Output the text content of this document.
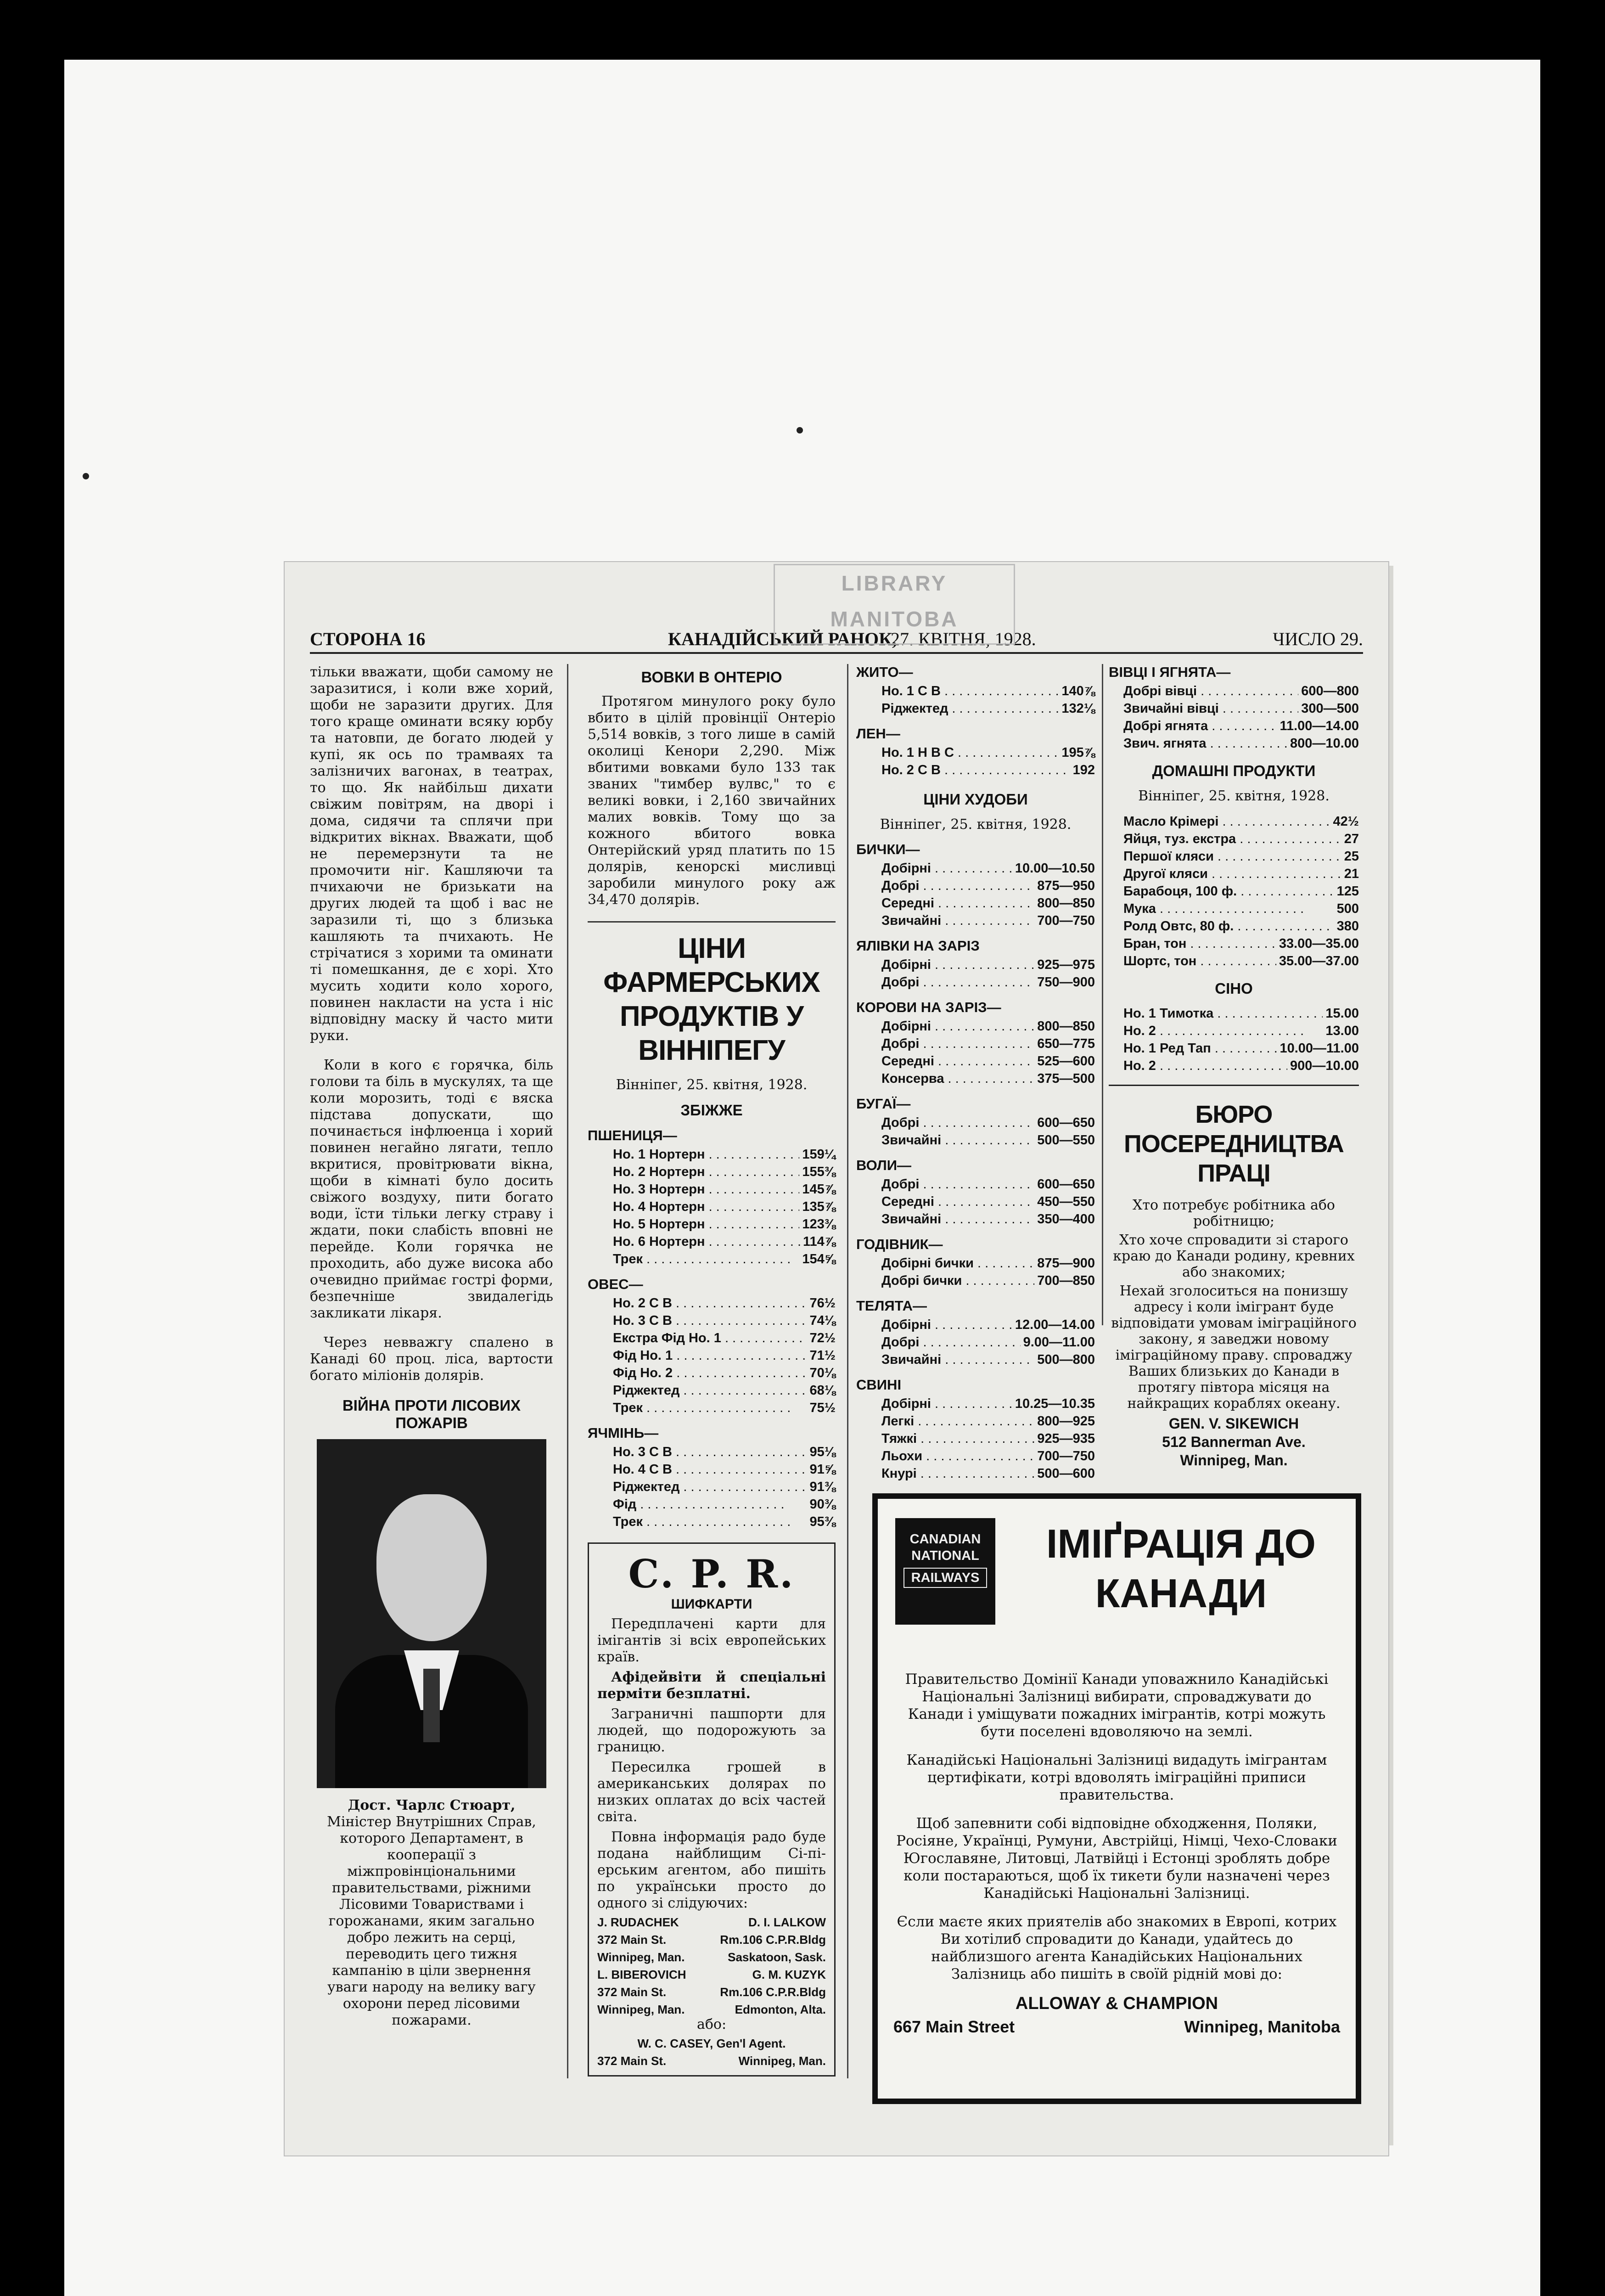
СТОРОНА 16	КАНАДІЙСЬКИЙ РАНОК,
27. КВІТНЯ, 1928.	ЧИСЛО 29.

тільки вважати, щоби самому не заразитися, і коли вже хорий, щоби не заразити других. Для того краще оминати всяку юрбу та натовпи, де богато людей у купі, як ось по трамваях та залізничих вагонах, в театрах, то що. Як найбільш дихати свіжим повітрям, на дворі і дома, сидячи та сплячи при відкритих вікнах. Вважати, щоб не перемерзнути та не промочити ніг. Кашляючи та пчихаючи не бризькати на других людей та щоб і вас не заразили ті, що з близька кашляють та пчихають. Не стрічатися з хорими та оминати ті помешкання, де є хорі. Хто мусить ходити коло хорого, повинен накласти на уста і ніс відповідну маску й часто мити руки.

Коли в кого є горячка, біль голови та біль в мускулях, та ще коли морозить, тоді є вяска підстава допускати, що починається інфлюенца і хорий повинен негайно лягати, тепло вкритися, провітрювати вікна, щоби в кімнаті було досить свіжого воздуху, пити богато води, їсти тільки легку страву і ждати, поки слабість вповні не перейде. Коли горячка не проходить, або дуже висока або очевидно приймає гострі форми, безпечніше звидалегідь закликати лікаря.

Через невважгу спалено в Канаді 60 проц. ліса, вартости богато міліонів долярів.

ВІЙНА ПРОТИ ЛІСОВИХ ПОЖАРІВ
Дост. Чарлс Стюарт,
Міністер Внутрішних Справ, которого Департамент, в кооперації з міжпровінціональними правительствами, ріжними Лісовими Товариствами і горожанами, яким загально добро лежить на серці, переводить цего тижня кампанію в ціли звернення уваги народу на велику вагу охорони перед лісовими пожарами.
ВОВКИ В ОНТЕРІО

Протягом минулого року було вбито в цілій провінції Онтеріо 5,514 вовків, з того лише в самій околиці Кенори 2,290. Між вбитими вовками було 133 так званих "тимбер вулвс," то є великі вовки, і 2,160 звичайних малих вовків. Тому що за кожного вбитого вовка Онтерійский уряд платить по 15 долярів, кенорскі мисливці заробили минулого року аж 34,470 долярів.

ЦІНИ ФАРМЕРСЬКИХ ПРОДУКТІВ У ВІННІПЕГУ
Вінніпег, 25. квітня, 1928.
ЗБІЖЖЕ
ПШЕНИЦЯ—
Но. 1 Нортерн . . .	159¼
Но. 2 Нортерн . . .	155⅜
Но. 3 Нортерн . . .	145⅞
Но. 4 Нортерн . . .	135⅞
Но. 5 Нортерн . . .	123⅜
Но. 6 Нортерн . . .	114⅞
Трек . . .	154⅝
ОВЕС—
Но. 2 С В . . .	76½
Но. 3 С В . . .	74⅛
Екстра Фід Но. 1 . . .	72½
Фід Но. 1 . . .	71½
Фід Но. 2 . . .	70⅛
Ріджектед . . .	68⅛
Трек . . .	75½
ЯЧМІНЬ—
Но. 3 С В . . .	95⅛
Но. 4 С В . . .	91⅝
Ріджектед . . .	91⅜
Фід . . .	90⅜
Трек . . .	95⅜
C. P. R.
ШИФКАРТИ

Передплачені карти для імігантів зі всіх европейських країв.

Афідейвіти й спеціальні перміти безплатні.

Заграничні пашпорти для людей, що подорожують за границю.

Пересилка грошей в американських долярах по низких оплатах до всіх частей світа.

Повна інформація радо буде подана найблищим Сі-пі-ерським агентом, або пишіть по українськи просто до одного зі слідуючих:

J. RUDACHEK	D. I. LALKOW
372 Main St.	Rm.106 C.P.R.Bldg
Winnipeg, Man.	Saskatoon, Sask.
L. BIBEROVICH	G. M. KUZYK
372 Main St.	Rm.106 C.P.R.Bldg
Winnipeg, Man.	Edmonton, Alta.
або:
W. C. CASEY, Gen'l Agent.
372 Main St.	Winnipeg, Man.
ЖИТО—
Но. 1 С В . . .	140⅞
Ріджектед . . .	132⅛
ЛЕН—
Но. 1 Н В С . . .	195⅞
Но. 2 С В . . .	192
ЦІНИ ХУДОБИ
Вінніпег, 25. квітня, 1928.
БИЧКИ—
Добірні . . .	10.00—10.50
Добрі . . .	875—950
Середні . . .	800—850
Звичайні . . .	700—750
ЯЛІВКИ НА ЗАРІЗ
Добірні . . .	925—975
Добрі . . .	750—900
КОРОВИ НА ЗАРІЗ—
Добірні . . .	800—850
Добрі . . .	650—775
Середні . . .	525—600
Консерва . . .	375—500
БУГАЇ—
Добрі . . .	600—650
Звичайні . . .	500—550
ВОЛИ—
Добрі . . .	600—650
Середні . . .	450—550
Звичайні . . .	350—400
ГОДІВНИК—
Добірні бички . . .	875—900
Добрі бички . . .	700—850
ТЕЛЯТА—
Добірні . . .	12.00—14.00
Добрі . . .	9.00—11.00
Звичайні . . .	500—800
СВИНІ
Добірні . . .	10.25—10.35
Легкі . . .	800—925
Тяжкі . . .	925—935
Льохи . . .	700—750
Кнурі . . .	500—600
ВІВЦІ І ЯГНЯТА—
Добрі вівці . . .	600—800
Звичайні вівці . . .	300—500
Добрі ягнята . . .	11.00—14.00
Звич. ягнята . . .	800—10.00
ДОМАШНІ ПРОДУКТИ
Вінніпег, 25. квітня, 1928.
Масло Крімері . . .	42½
Яйця, туз. екстра . . .	27
Першої кляси . . .	25
Другої кляси . . .	21
Барабоця, 100 ф. . . .	125
Мука . . .	500
Ролд Овтс, 80 ф. . . .	380
Бран, тон . . .	33.00—35.00
Шортс, тон . . .	35.00—37.00
СІНО
Но. 1 Тимотка . . .	15.00
Но. 2 . . .	13.00
Но. 1 Ред Тап . . .	10.00—11.00
Но. 2 . . .	900—10.00
БЮРО ПОСЕРЕДНИЦТВА ПРАЦІ

Хто потребує робітника або робітницю;

Хто хоче спровадити зі старого краю до Канади родину, кревних або знакомих;

Нехай зголоситься на понизшу адресу і коли імігрант буде відповідати умовам іміграційного закону, я заведжи новому іміграційному праву. спроваджу Ваших близьких до Канади в протягу півтора місяця на найкращих кораблях океану.

GEN. V. SIKEWICH
512 Bannerman Ave.
Winnipeg, Man.
CANADIAN
NATIONAL
RAILWAYS
ІМІҐРАЦІЯ ДО КАНАДИ

Правительство Домінії Канади уповажнило Канадійські Національні Залізниці вибирати, спроваджувати до Канади і уміщувати пожадних імігрантів, котрі можуть бути поселені вдоволяючо на землі.

Канадійські Національні Залізниці видадуть імігрантам цертифікати, котрі вдоволять іміграційні приписи правительства.

Щоб запевнити собі відповідне обходження, Поляки, Росіяне, Українці, Румуни, Австрійці, Німці, Чехо-Словаки Югославяне, Литовці, Латвійці і Естонці зроблять добре коли постараються, щоб їх тикети були назначені через Канадійські Національні Залізниці.

Єсли маєте яких приятелів або знакомих в Европі, котрих Ви хотілиб спровадити до Канади, удайтесь до найблизшого агента Канадійських Національних Залізниць або пишіть в своїй рідній мові до:

ALLOWAY & CHAMPION
667 Main Street	Winnipeg, Manitoba
LIBRARY
MANITOBA
